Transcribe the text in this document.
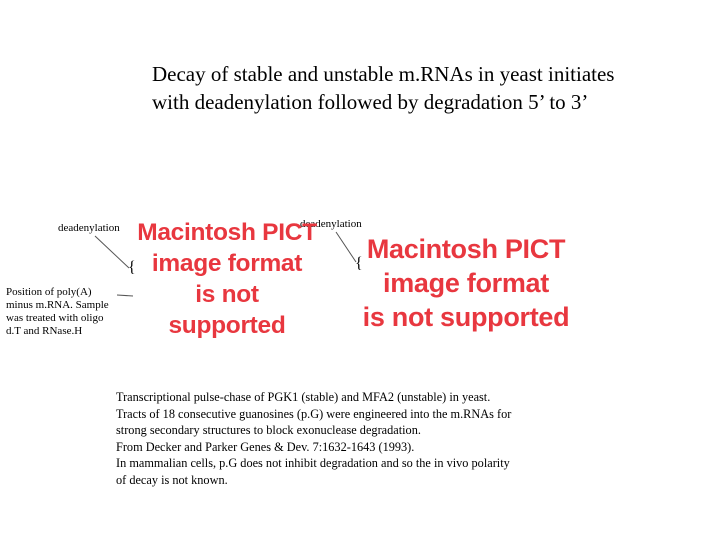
Decay of stable and unstable m.RNAs in yeast initiates with deadenylation followed by degradation 5’ to 3’
deadenylation	deadenylation
Position of poly(A)
minus m.RNA. Sample
was treated with oligo
d.T and RNase.H
{	{
Macintosh PICT
image format
is not supported
Macintosh PICT
image format
is not supported
Transcriptional pulse-chase of PGK1 (stable) and MFA2 (unstable) in yeast.
Tracts of 18 consecutive guanosines (p.G) were engineered into the m.RNAs for
strong secondary structures to block exonuclease degradation.
From Decker and Parker Genes & Dev. 7:1632-1643 (1993).
In mammalian cells, p.G does not inhibit degradation and so the in vivo polarity
of decay is not known.
